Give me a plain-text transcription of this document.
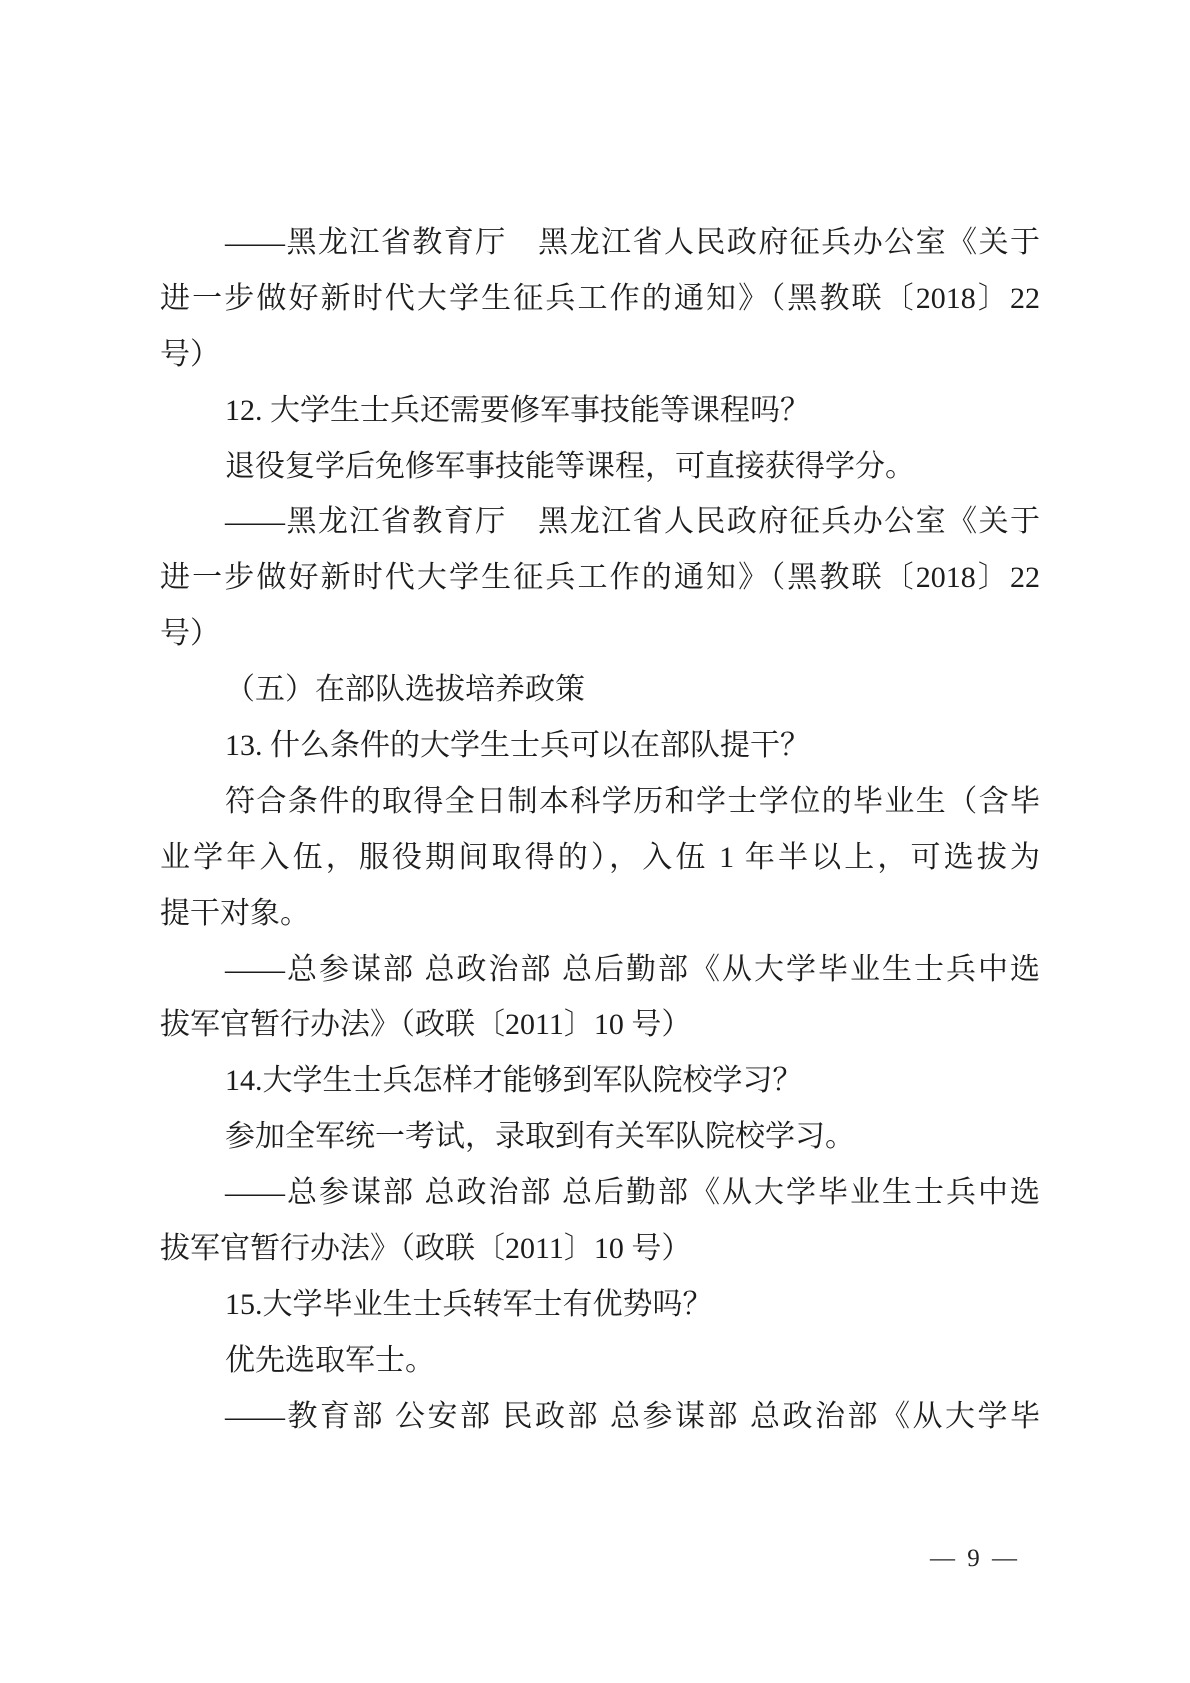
——黑龙江省教育厅　黑龙江省人民政府征兵办公室《关于
进一步做好新时代大学生征兵工作的通知》（黑教联〔2018〕22
号）
12. 大学生士兵还需要修军事技能等课程吗？
退役复学后免修军事技能等课程，可直接获得学分。
——黑龙江省教育厅　黑龙江省人民政府征兵办公室《关于
进一步做好新时代大学生征兵工作的通知》（黑教联〔2018〕22
号）
（五）在部队选拔培养政策
13. 什么条件的大学生士兵可以在部队提干？
符合条件的取得全日制本科学历和学士学位的毕业生（含毕
业学年入伍，服役期间取得的），入伍 1 年半以上，可选拔为
提干对象。
——总参谋部 总政治部 总后勤部《从大学毕业生士兵中选
拔军官暂行办法》（政联〔2011〕10 号）
14.大学生士兵怎样才能够到军队院校学习？
参加全军统一考试，录取到有关军队院校学习。
——总参谋部 总政治部 总后勤部《从大学毕业生士兵中选
拔军官暂行办法》（政联〔2011〕10 号）
15.大学毕业生士兵转军士有优势吗？
优先选取军士。
——教育部 公安部 民政部 总参谋部 总政治部《从大学毕
— 9 —
